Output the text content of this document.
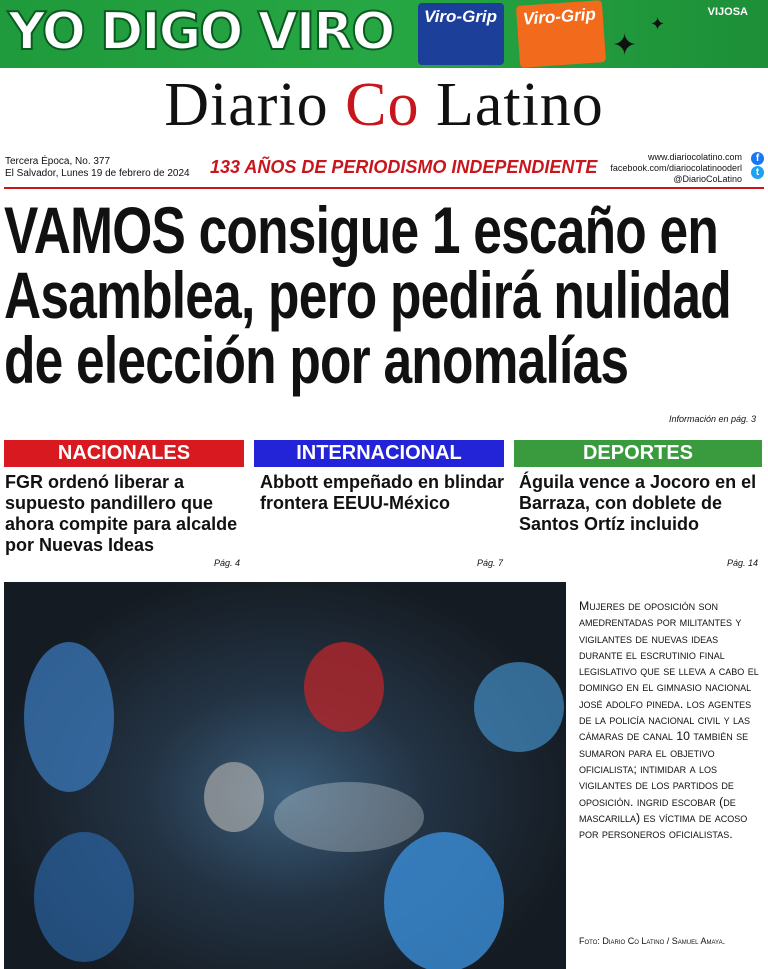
YO DIGO VIRO	Viro-Grip	Viro-Grip
✦
✦
VIJOSA
Diario Co Latino
Tercera Época, No. 377
El Salvador, Lunes 19 de febrero de 2024 133 AÑOS DE PERIODISMO INDEPENDIENTE	www.diariocolatino.com
facebook.com/diariocolatinooderl
@DiarioCoLatino
f
t
VAMOS consigue 1 escaño en
Asamblea, pero pedirá nulidad
de elección por anomalías
Información en pág. 3
NACIONALES
FGR ordenó liberar a supuesto pandillero que ahora compite para alcalde por Nuevas Ideas
Pág. 4
INTERNACIONAL
Abbott empeñado en blindar frontera EEUU-México
Pág. 7
DEPORTES
Águila vence a Jocoro en el Barraza, con doblete de Santos Ortíz incluido
Pág. 14
Mujeres de oposición son amedrentadas por militantes y vigilantes de nuevas ideas durante el escrutinio final legislativo que se lleva a cabo el domingo en el gimnasio nacional josé adolfo pineda. los agentes de la policía nacional civil y las cámaras de canal 10 también se sumaron para el objetivo oficialista; intimidar a los vigilantes de los partidos de oposición. ingrid escobar (de mascarilla) es víctima de acoso por personeros oficialistas.
Foto: Diario Co Latino / Samuel Amaya.
